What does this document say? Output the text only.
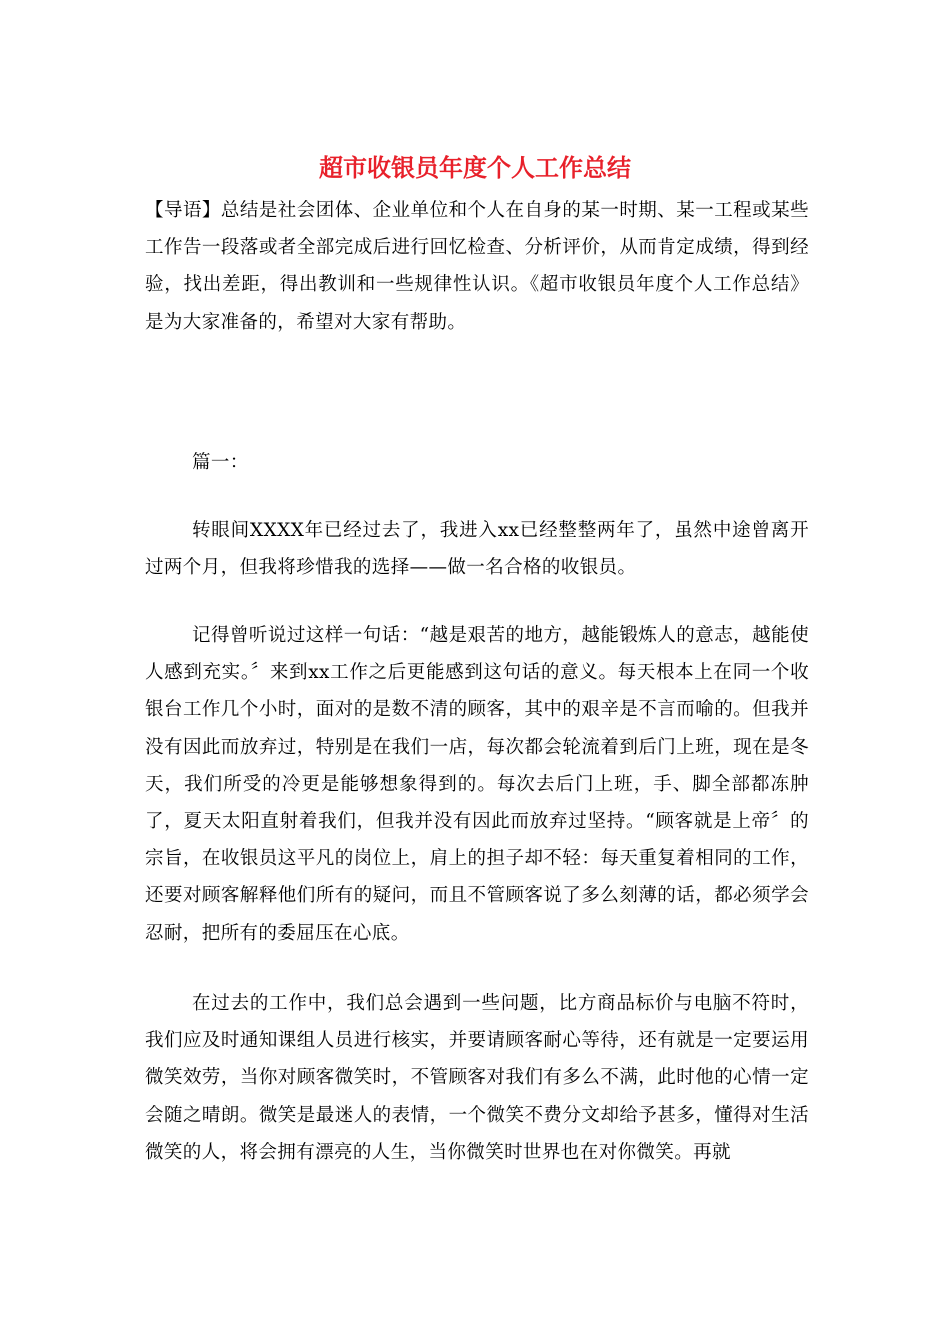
超市收银员年度个人工作总结

【导语】总结是社会团体、企业单位和个人在自身的某一时期、某一工程或某些工作告一段落或者全部完成后进行回忆检查、分析评价，从而肯定成绩，得到经验，找出差距，得出教训和一些规律性认识。《超市收银员年度个人工作总结》是为大家准备的，希望对大家有帮助。

篇一：

转眼间XXXX年已经过去了，我进入xx已经整整两年了，虽然中途曾离开过两个月，但我将珍惜我的选择——做一名合格的收银员。

记得曾听说过这样一句话：“越是艰苦的地方，越能锻炼人的意志，越能使人感到充实。〞来到xx工作之后更能感到这句话的意义。每天根本上在同一个收银台工作几个小时，面对的是数不清的顾客，其中的艰辛是不言而喻的。但我并没有因此而放弃过，特别是在我们一店，每次都会轮流着到后门上班，现在是冬天，我们所受的冷更是能够想象得到的。每次去后门上班，手、脚全部都冻肿了，夏天太阳直射着我们，但我并没有因此而放弃过坚持。“顾客就是上帝〞的宗旨，在收银员这平凡的岗位上，肩上的担子却不轻：每天重复着相同的工作，还要对顾客解释他们所有的疑问，而且不管顾客说了多么刻薄的话，都必须学会忍耐，把所有的委屈压在心底。

在过去的工作中，我们总会遇到一些问题，比方商品标价与电脑不符时，我们应及时通知课组人员进行核实，并要请顾客耐心等待，还有就是一定要运用微笑效劳，当你对顾客微笑时，不管顾客对我们有多么不满，此时他的心情一定会随之晴朗。微笑是最迷人的表情，一个微笑不费分文却给予甚多，懂得对生活微笑的人，将会拥有漂亮的人生，当你微笑时世界也在对你微笑。再就
